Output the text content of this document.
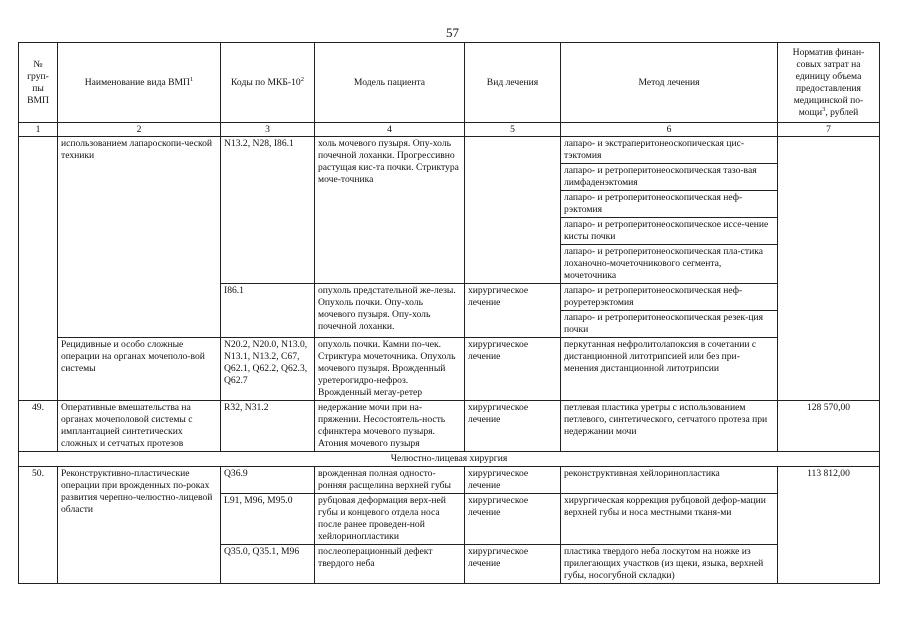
57
№ груп-пы ВМП	Наименование вида ВМП$^1$	Коды по МКБ-$10^2$	Модель пациента	Вид лечения	Метод лечения	Норматив финан-совых затрат на единицу объема предоставления медицинской по-мощи$^3$, рублей
1	2	3	4	5	6	7
	использованием лапароскопи-ческой техники	N13.2, N28, I86.1	холь мочевого пузыря. Опу-холь почечной лоханки. Прогрессивно растущая кис-та почки. Стриктура моче-точника		лапаро- и экстраперитонеоскопическая цис-тэктомия	
					лапаро- и ретроперитонеоскопическая тазо-вая лимфаденэктомия	
					лапаро- и ретроперитонеоскопическая неф-рэктомия	
					лапаро- и ретроперитонеоскопическое иссе-чение кисты почки	
					лапаро- и ретроперитонеоскопическая пла-стика лоханочно-мочеточникового сегмента, мочеточника	
		I86.1	опухоль предстательной же-лезы. Опухоль почки. Опу-холь мочевого пузыря. Опу-холь почечной лоханки.	хирургическое лечение	лапаро- и ретроперитонеоскопическая неф-роуретерэктомия	
					лапаро- и ретроперитонеоскопическая резек-ция почки	
	Рецидивные и особо сложные операции на органах мочеполо-вой системы	N20.2, N20.0, N13.0, N13.1, N13.2, C67, Q62.1, Q62.2, Q62.3, Q62.7	опухоль почки. Камни по-чек. Стриктура мочеточника. Опухоль мочевого пузыря. Врожденный уретерогидро-нефроз. Врожденный мегау-ретер	хирургическое лечение	перкутанная нефролитолапоксия в сочетании с дистанционной литотрипсией или без при-менения дистанционной литотрипсии	
49.	Оперативные вмешательства на органах мочеполовой системы с имплантацией синтетических сложных и сетчатых протезов	R32, N31.2	недержание мочи при на-пряжении. Несостоятель-ность сфинктера мочевого пузыря. Атония мочевого пузыря	хирургическое лечение	петлевая пластика уретры с использованием петлевого, синтетического, сетчатого протеза при недержании мочи	128 570,00
Челюстно-лицевая хирургия						
50.	Реконструктивно-пластические операции при врожденных по-роках развития черепно-челюстно-лицевой области	Q36.9	врожденная полная односто-ронняя расщелина верхней губы	хирургическое лечение	реконструктивная хейлоринопластика	113 812,00
		L91, M96, M95.0	рубцовая деформация верх-ней губы и концевого отдела носа после ранее проведен-ной хейлоринопластики	хирургическое лечение	хирургическая коррекция рубцовой дефор-мации верхней губы и носа местными тканя-ми	
		Q35.0, Q35.1, M96	послеоперационный дефект твердого неба	хирургическое лечение	пластика твердого неба лоскутом на ножке из прилегающих участков (из щеки, языка, верхней губы, носогубной складки)	
